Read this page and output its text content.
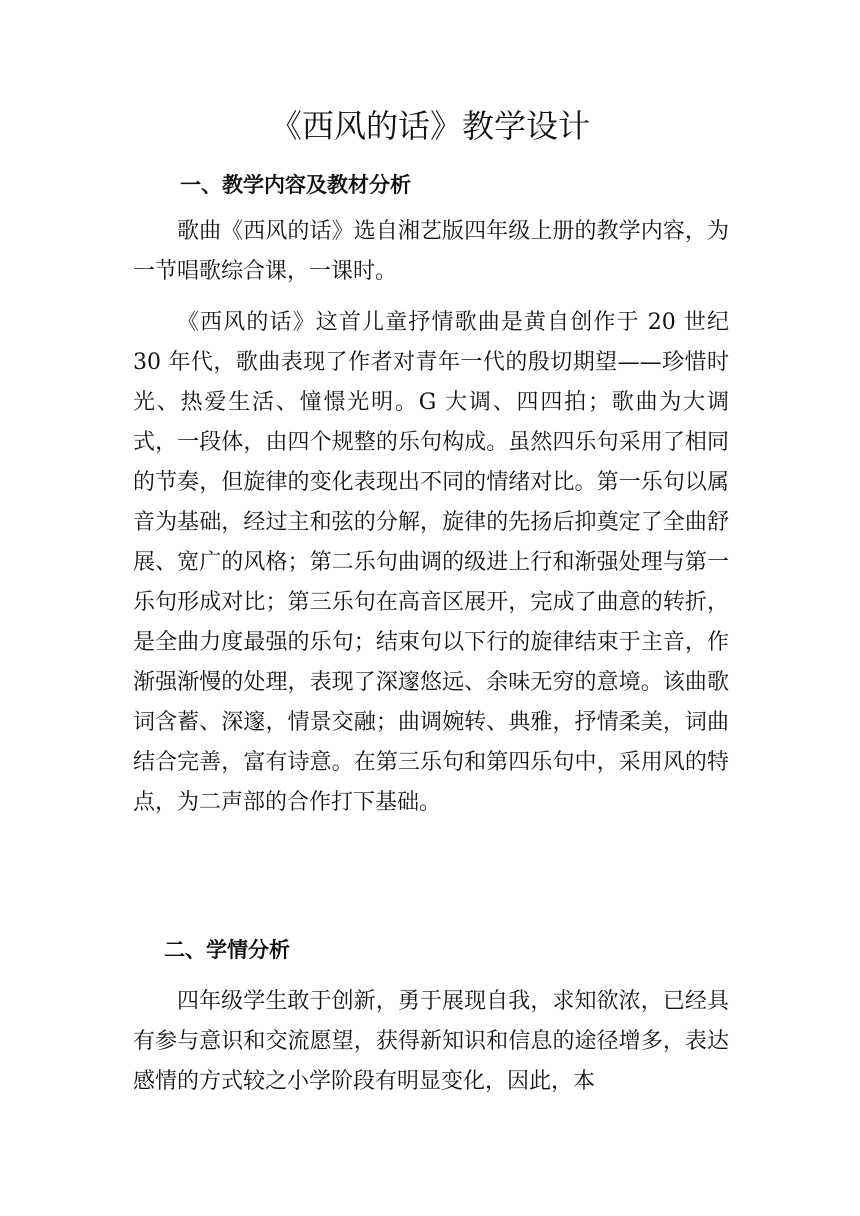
《西风的话》教学设计
一、教学内容及教材分析

歌曲《西风的话》选自湘艺版四年级上册的教学内容，为一节唱歌综合课，一课时。

《西风的话》这首儿童抒情歌曲是黄自创作于 20 世纪 30 年代，歌曲表现了作者对青年一代的殷切期望——珍惜时光、热爱生活、憧憬光明。G 大调、四四拍；歌曲为大调式，一段体，由四个规整的乐句构成。虽然四乐句采用了相同的节奏，但旋律的变化表现出不同的情绪对比。第一乐句以属音为基础，经过主和弦的分解，旋律的先扬后抑奠定了全曲舒展、宽广的风格；第二乐句曲调的级进上行和渐强处理与第一乐句形成对比；第三乐句在高音区展开，完成了曲意的转折，是全曲力度最强的乐句；结束句以下行的旋律结束于主音，作渐强渐慢的处理，表现了深邃悠远、余味无穷的意境。该曲歌词含蓄、深邃，情景交融；曲调婉转、典雅，抒情柔美，词曲结合完善，富有诗意。在第三乐句和第四乐句中，采用风的特点，为二声部的合作打下基础。

二、学情分析

四年级学生敢于创新，勇于展现自我，求知欲浓，已经具有参与意识和交流愿望，获得新知识和信息的途径增多，表达感情的方式较之小学阶段有明显变化，因此，本
